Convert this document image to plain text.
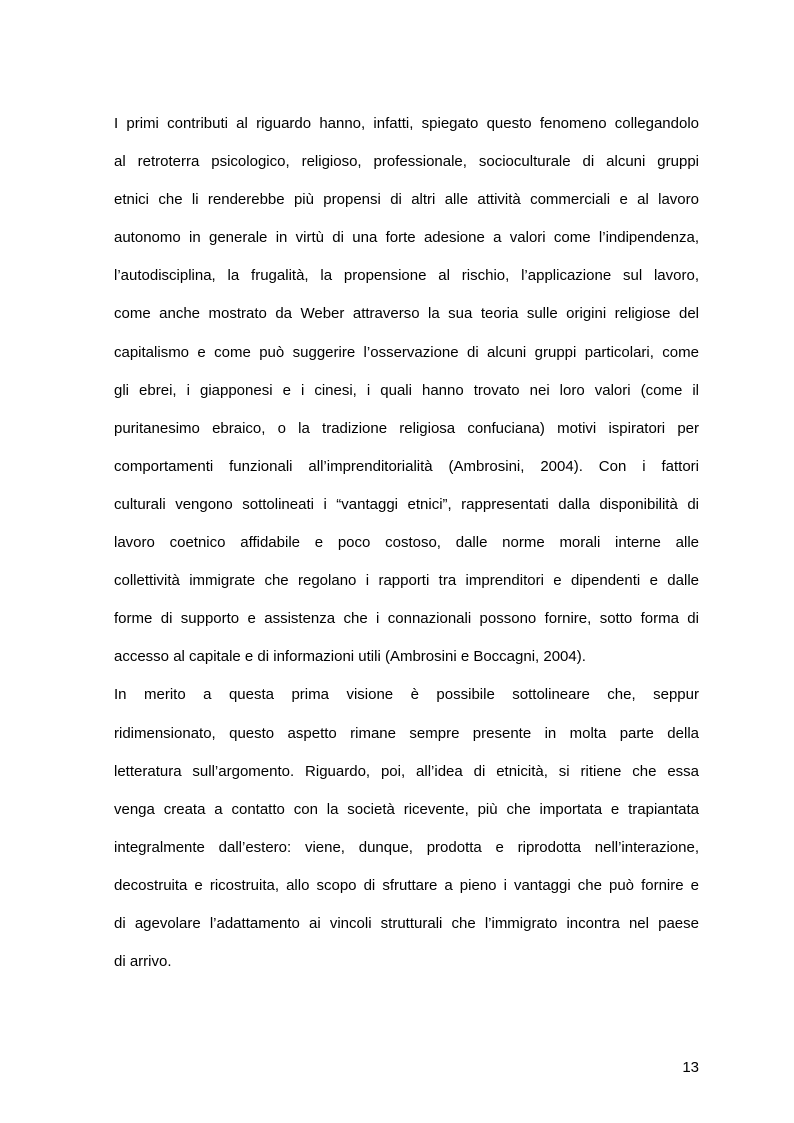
I primi contributi al riguardo hanno, infatti, spiegato questo fenomeno collegandolo
al retroterra psicologico, religioso, professionale, socioculturale di alcuni gruppi
etnici che li renderebbe più propensi di altri alle attività commerciali e al lavoro
autonomo in generale in virtù di una forte adesione a valori come l’indipendenza,
l’autodisciplina, la frugalità, la propensione al rischio, l’applicazione sul lavoro,
come anche mostrato da Weber attraverso la sua teoria sulle origini religiose del
capitalismo e come può suggerire l’osservazione di alcuni gruppi particolari, come
gli ebrei, i giapponesi e i cinesi, i quali hanno trovato nei loro valori (come il
puritanesimo ebraico, o la tradizione religiosa confuciana) motivi ispiratori per
comportamenti funzionali all’imprenditorialità (Ambrosini, 2004). Con i fattori
culturali vengono sottolineati i “vantaggi etnici”, rappresentati dalla disponibilità di
lavoro coetnico affidabile e poco costoso, dalle norme morali interne alle
collettività immigrate che regolano i rapporti tra imprenditori e dipendenti e dalle
forme di supporto e assistenza che i connazionali possono fornire, sotto forma di
accesso al capitale e di informazioni utili (Ambrosini e Boccagni, 2004).
In merito a questa prima visione è possibile sottolineare che, seppur
ridimensionato, questo aspetto rimane sempre presente in molta parte della
letteratura sull’argomento. Riguardo, poi, all’idea di etnicità, si ritiene che essa
venga creata a contatto con la società ricevente, più che importata e trapiantata
integralmente dall’estero: viene, dunque, prodotta e riprodotta nell’interazione,
decostruita e ricostruita, allo scopo di sfruttare a pieno i vantaggi che può fornire e
di agevolare l’adattamento ai vincoli strutturali che l’immigrato incontra nel paese
di arrivo.
13
